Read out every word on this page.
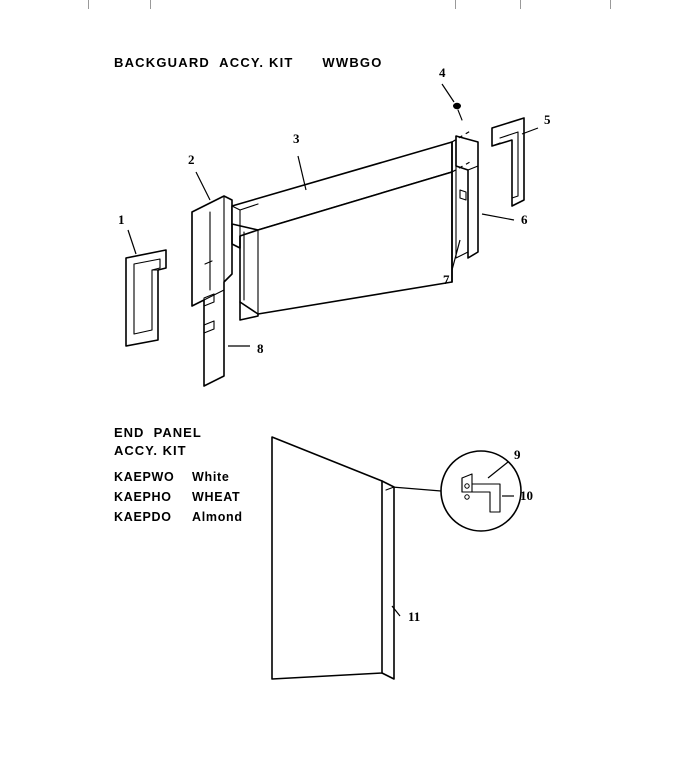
BACKGUARD  ACCY. KIT      WWBGO
END  PANEL
ACCY. KIT
KAEPWO White
KAEPHO WHEAT
KAEPDO Almond
1
2
3
4
5
6
7
8
9
10
11
